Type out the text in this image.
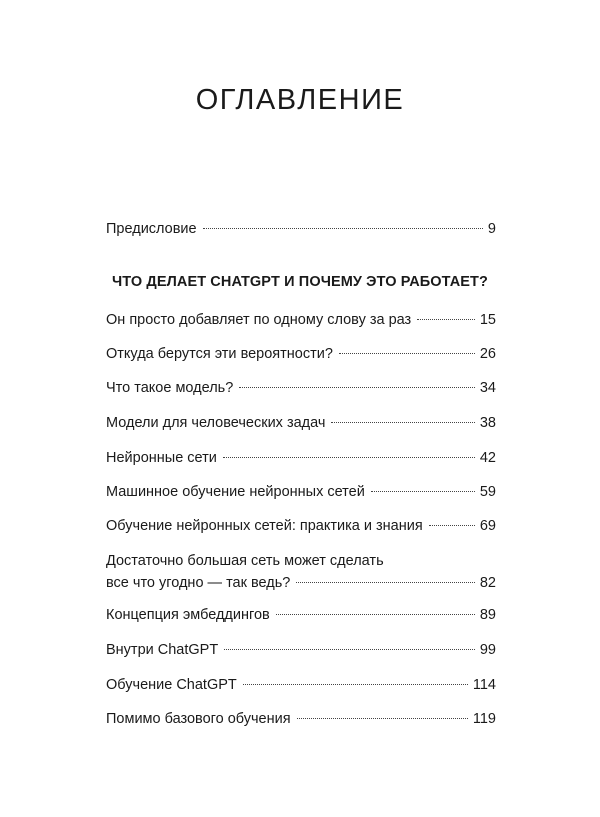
ОГЛАВЛЕНИЕ
Предисловие	9
ЧТО ДЕЛАЕТ CHATGPT И ПОЧЕМУ ЭТО РАБОТАЕТ?
Он просто добавляет по одному слову за раз	15
Откуда берутся эти вероятности?	26
Что такое модель?	34
Модели для человеческих задач	38
Нейронные сети	42
Машинное обучение нейронных сетей	59
Обучение нейронных сетей: практика и знания	69
Достаточно большая сеть может сделать
все что угодно — так ведь?	82
Концепция эмбеддингов	89
Внутри ChatGPT	99
Обучение ChatGPT	114
Помимо базового обучения	119
